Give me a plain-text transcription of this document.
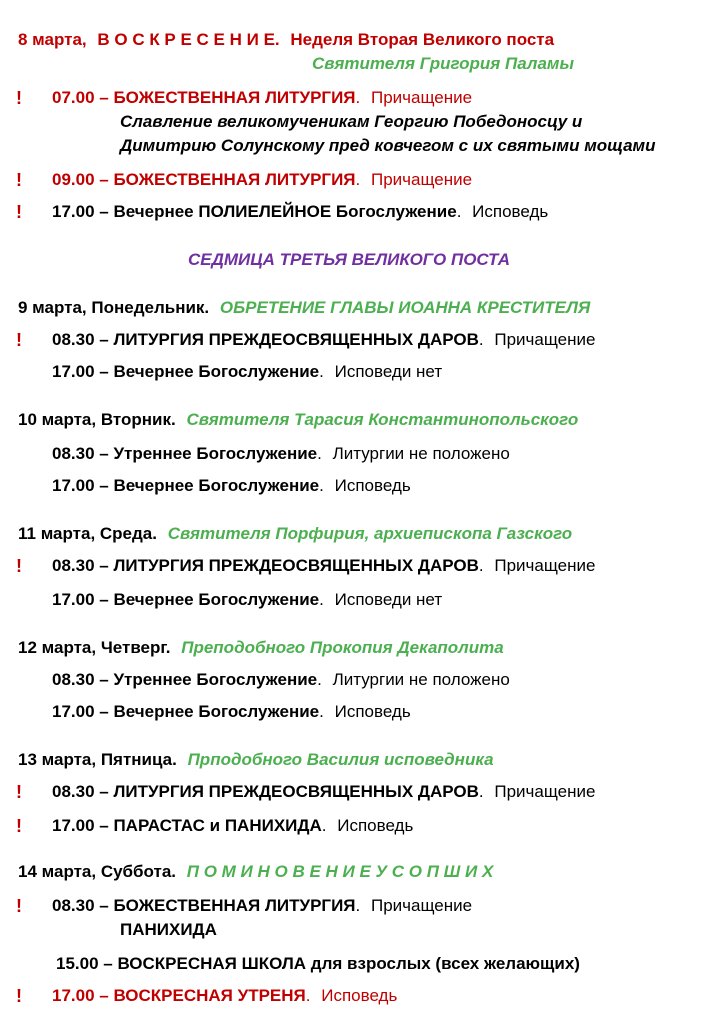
8 марта, В О С К Р Е С Е Н И Е. Неделя Вторая Великого поста
Святителя Григория Паламы
! 07.00 – БОЖЕСТВЕННАЯ ЛИТУРГИЯ. Причащение
Славление великомученикам Георгию Победоносцу и
Димитрию Солунскому пред ковчегом с их святыми мощами
! 09.00 – БОЖЕСТВЕННАЯ ЛИТУРГИЯ. Причащение
! 17.00 – Вечернее ПОЛИЕЛЕЙНОЕ Богослужение. Исповедь
СЕДМИЦА ТРЕТЬЯ ВЕЛИКОГО ПОСТА
9 марта, Понедельник. ОБРЕТЕНИЕ ГЛАВЫ ИОАННА КРЕСТИТЕЛЯ
! 08.30 – ЛИТУРГИЯ ПРЕЖДЕОСВЯЩЕННЫХ ДАРОВ. Причащение
17.00 – Вечернее Богослужение. Исповеди нет
10 марта, Вторник. Святителя Тарасия Константинопольского
08.30 – Утреннее Богослужение. Литургии не положено
17.00 – Вечернее Богослужение. Исповедь
11 марта, Среда. Святителя Порфирия, архиепископа Газского
! 08.30 – ЛИТУРГИЯ ПРЕЖДЕОСВЯЩЕННЫХ ДАРОВ. Причащение
17.00 – Вечернее Богослужение. Исповеди нет
12 марта, Четверг. Преподобного Прокопия Декаполита
08.30 – Утреннее Богослужение. Литургии не положено
17.00 – Вечернее Богослужение. Исповедь
13 марта, Пятница. Прподобного Василия исповедника
! 08.30 – ЛИТУРГИЯ ПРЕЖДЕОСВЯЩЕННЫХ ДАРОВ. Причащение
! 17.00 – ПАРАСТАС и ПАНИХИДА. Исповедь
14 марта, Суббота. П О М И Н О В Е Н И Е У С О П Ш И Х
! 08.30 – БОЖЕСТВЕННАЯ ЛИТУРГИЯ. Причащение
ПАНИХИДА
15.00 – ВОСКРЕСНАЯ ШКОЛА для взрослых (всех желающих)
! 17.00 – ВОСКРЕСНАЯ УТРЕНЯ. Исповедь
